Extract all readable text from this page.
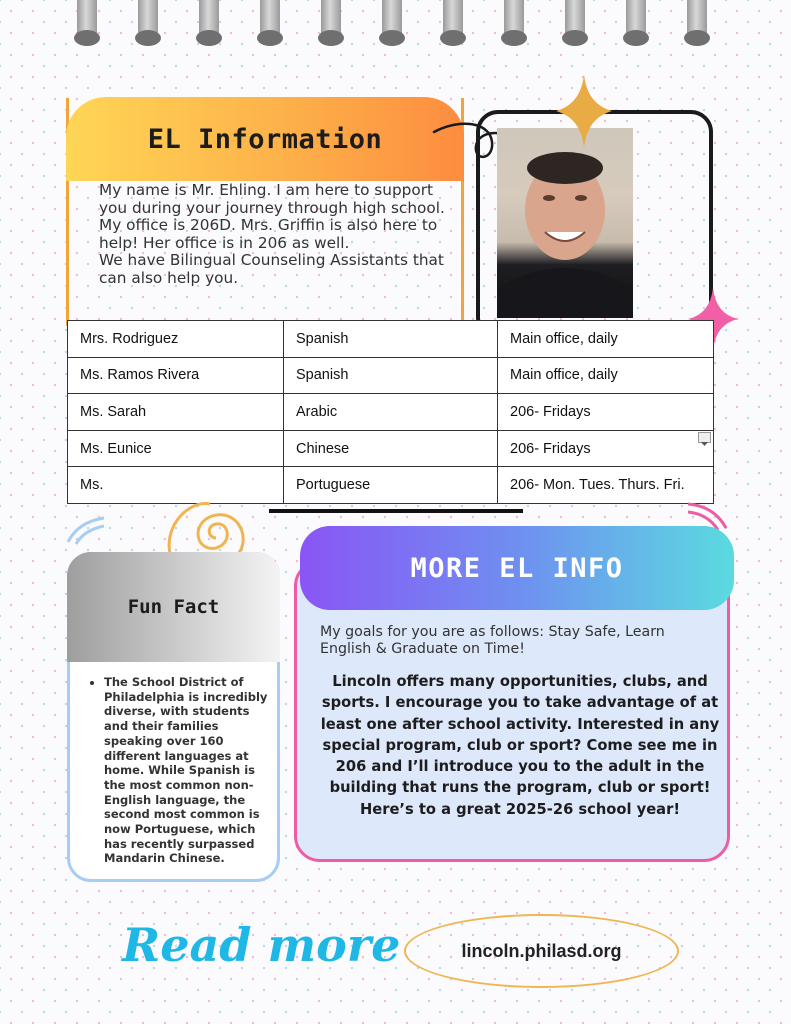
EL Information
My name is Mr. Ehling. I am here to support you during your journey through high school. My office is 206D. Mrs. Griffin is also here to help! Her office is in 206 as well.
We have Bilingual Counseling Assistants that can also help you.
Mrs. Rodriguez	Spanish	Main office, daily
Ms. Ramos Rivera	Spanish	Main office, daily
Ms. Sarah	Arabic	206- Fridays
Ms. Eunice	Chinese	206- Fridays
Ms.	Portuguese	206- Mon. Tues. Thurs. Fri.
Fun Fact
• The School District of Philadelphia is incredibly diverse, with students and their families speaking over 160 different languages at home. While Spanish is the most common non-English language, the second most common is now Portuguese, which has recently surpassed Mandarin Chinese.
MORE EL INFO
My goals for you are as follows: Stay Safe, Learn English & Graduate on Time!
Lincoln offers many opportunities, clubs, and sports. I encourage you to take advantage of at least one after school activity. Interested in any special program, club or sport? Come see me in 206 and I’ll introduce you to the adult in the building that runs the program, club or sport! Here’s to a great 2025-26 school year!
Read more	lincoln.philasd.org
